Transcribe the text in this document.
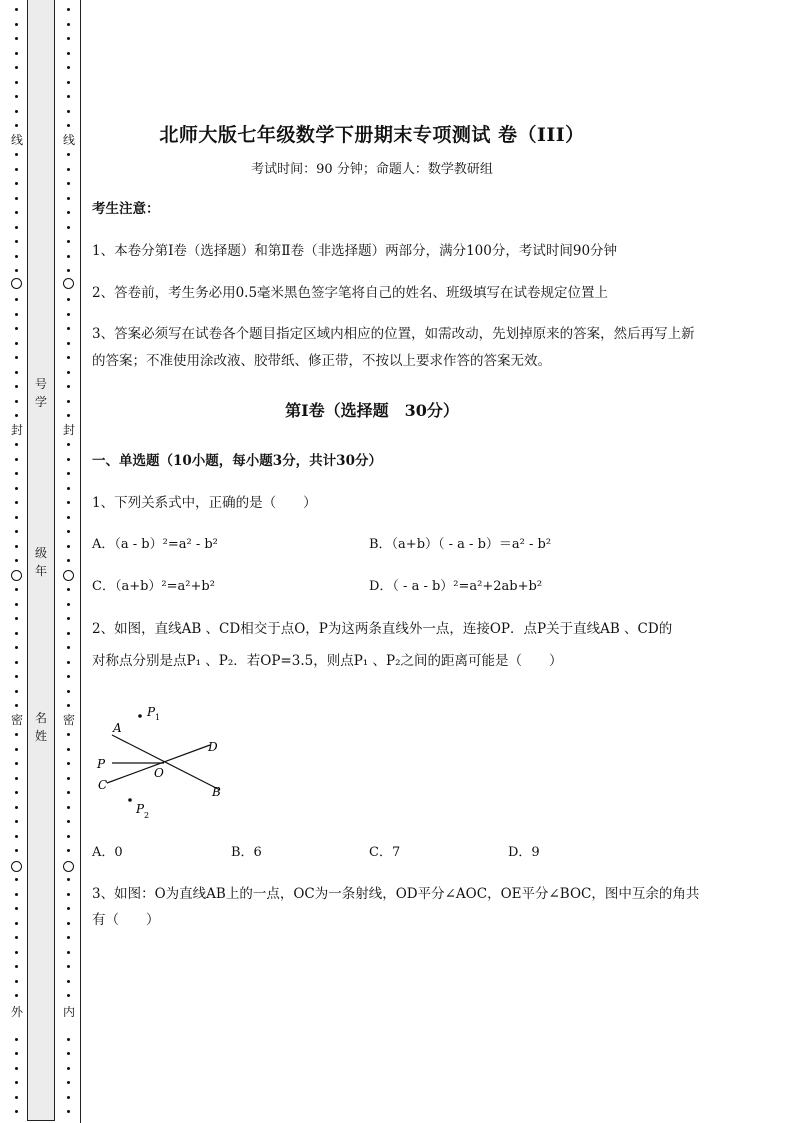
线
封
密
外
号
学
级
年
名
姓
线
封
密
内
北师大版七年级数学下册期末专项测试 卷（III）
考试时间：90 分钟；命题人：数学教研组
考生注意：
1、本卷分第I卷（选择题）和第Ⅱ卷（非选择题）两部分，满分100分，考试时间90分钟
2、答卷前，考生务必用0.5毫米黑色签字笔将自己的姓名、班级填写在试卷规定位置上
3、答案必须写在试卷各个题目指定区域内相应的位置，如需改动，先划掉原来的答案，然后再写上新
的答案；不准使用涂改液、胶带纸、修正带，不按以上要求作答的答案无效。
第I卷（选择题　30分）
一、单选题（10小题，每小题3分，共计30分）
1、下列关系式中，正确的是（　　）
A．（a - b）²=a² - b²	B．（a+b）（ - a - b）＝a² - b²
C．（a+b）²=a²+b²	D．（ - a - b）²=a²+2ab+b²
2、如图，直线AB 、CD相交于点O，P为这两条直线外一点，连接OP．点P关于直线AB 、CD的
对称点分别是点P₁ 、P₂．若OP=3.5，则点P₁ 、P₂之间的距离可能是（　　）
A
B
C
D
O
P
P 1
P 2
A．0	B．6	C．7	D．9
3、如图：O为直线AB上的一点，OC为一条射线，OD平分∠AOC，OE平分∠BOC，图中互余的角共
有（　　）
